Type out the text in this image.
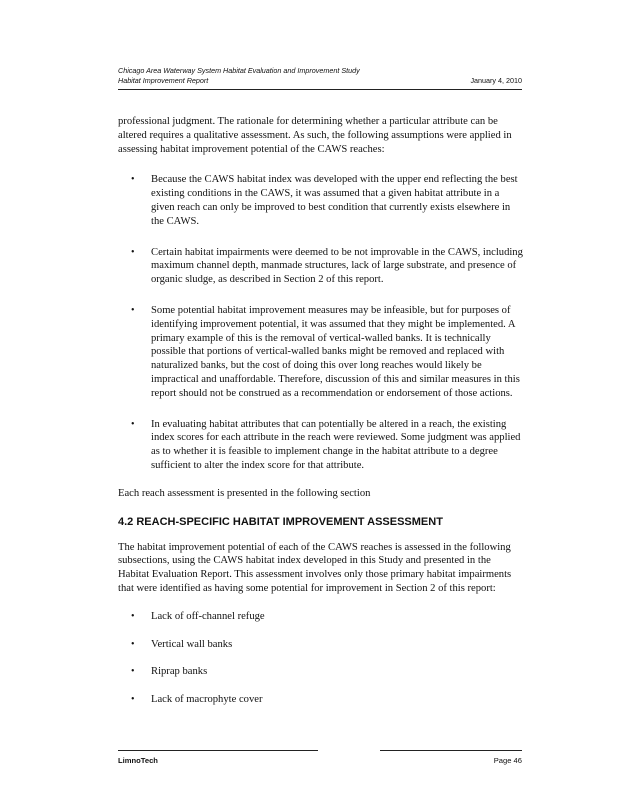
Chicago Area Waterway System Habitat Evaluation and Improvement Study
Habitat Improvement Report	January 4, 2010

professional judgment. The rationale for determining whether a particular attribute can be altered requires a qualitative assessment. As such, the following assumptions were applied in assessing habitat improvement potential of the CAWS reaches:

• Because the CAWS habitat index was developed with the upper end reflecting the best existing conditions in the CAWS, it was assumed that a given habitat attribute in a given reach can only be improved to best condition that currently exists elsewhere in the CAWS.
• Certain habitat impairments were deemed to be not improvable in the CAWS, including maximum channel depth, manmade structures, lack of large substrate, and presence of organic sludge, as described in Section 2 of this report.
• Some potential habitat improvement measures may be infeasible, but for purposes of identifying improvement potential, it was assumed that they might be implemented. A primary example of this is the removal of vertical-walled banks. It is technically possible that portions of vertical-walled banks might be removed and replaced with naturalized banks, but the cost of doing this over long reaches would likely be impractical and unaffordable. Therefore, discussion of this and similar measures in this report should not be construed as a recommendation or endorsement of those actions.
• In evaluating habitat attributes that can potentially be altered in a reach, the existing index scores for each attribute in the reach were reviewed. Some judgment was applied as to whether it is feasible to implement change in the habitat attribute to a degree sufficient to alter the index score for that attribute.

Each reach assessment is presented in the following section

4.2 REACH-SPECIFIC HABITAT IMPROVEMENT ASSESSMENT

The habitat improvement potential of each of the CAWS reaches is assessed in the following subsections, using the CAWS habitat index developed in this Study and presented in the Habitat Evaluation Report. This assessment involves only those primary habitat impairments that were identified as having some potential for improvement in Section 2 of this report:

• Lack of off-channel refuge
• Vertical wall banks
• Riprap banks
• Lack of macrophyte cover
LimnoTech	Page 46
